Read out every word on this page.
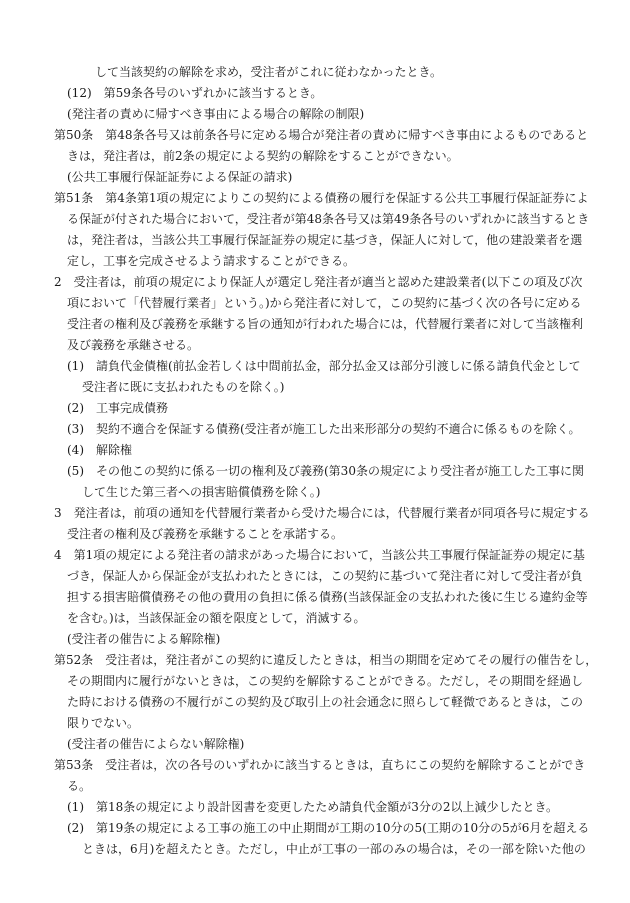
して当該契約の解除を求め，受注者がこれに従わなかったとき。
(12)　第59条各号のいずれかに該当するとき。
(発注者の責めに帰すべき事由による場合の解除の制限)
第50条　第48条各号又は前条各号に定める場合が発注者の責めに帰すべき事由によるものであると
きは，発注者は，前2条の規定による契約の解除をすることができない。
(公共工事履行保証証券による保証の請求)
第51条　第4条第1項の規定によりこの契約による債務の履行を保証する公共工事履行保証証券によ
る保証が付された場合において，受注者が第48条各号又は第49条各号のいずれかに該当するとき
は，発注者は，当該公共工事履行保証証券の規定に基づき，保証人に対して，他の建設業者を選
定し，工事を完成させるよう請求することができる。
2　受注者は，前項の規定により保証人が選定し発注者が適当と認めた建設業者(以下この項及び次
項において「代替履行業者」という。)から発注者に対して，この契約に基づく次の各号に定める
受注者の権利及び義務を承継する旨の通知が行われた場合には，代替履行業者に対して当該権利
及び義務を承継させる。
(1)　請負代金債権(前払金若しくは中間前払金，部分払金又は部分引渡しに係る請負代金として
受注者に既に支払われたものを除く。)
(2)　工事完成債務
(3)　契約不適合を保証する債務(受注者が施工した出来形部分の契約不適合に係るものを除く。
(4)　解除権
(5)　その他この契約に係る一切の権利及び義務(第30条の規定により受注者が施工した工事に関
して生じた第三者への損害賠償債務を除く。)
3　発注者は，前項の通知を代替履行業者から受けた場合には，代替履行業者が同項各号に規定する
受注者の権利及び義務を承継することを承諾する。
4　第1項の規定による発注者の請求があった場合において，当該公共工事履行保証証券の規定に基
づき，保証人から保証金が支払われたときには，この契約に基づいて発注者に対して受注者が負
担する損害賠償債務その他の費用の負担に係る債務(当該保証金の支払われた後に生じる違約金等
を含む。)は，当該保証金の額を限度として，消滅する。
(受注者の催告による解除権)
第52条　受注者は，発注者がこの契約に違反したときは，相当の期間を定めてその履行の催告をし，
その期間内に履行がないときは，この契約を解除することができる。ただし，その期間を経過し
た時における債務の不履行がこの契約及び取引上の社会通念に照らして軽微であるときは，この
限りでない。
(受注者の催告によらない解除権)
第53条　受注者は，次の各号のいずれかに該当するときは，直ちにこの契約を解除することができ
る。
(1)　第18条の規定により設計図書を変更したため請負代金額が3分の2以上減少したとき。
(2)　第19条の規定による工事の施工の中止期間が工期の10分の5(工期の10分の5が6月を超える
ときは，6月)を超えたとき。ただし，中止が工事の一部のみの場合は，その一部を除いた他の
